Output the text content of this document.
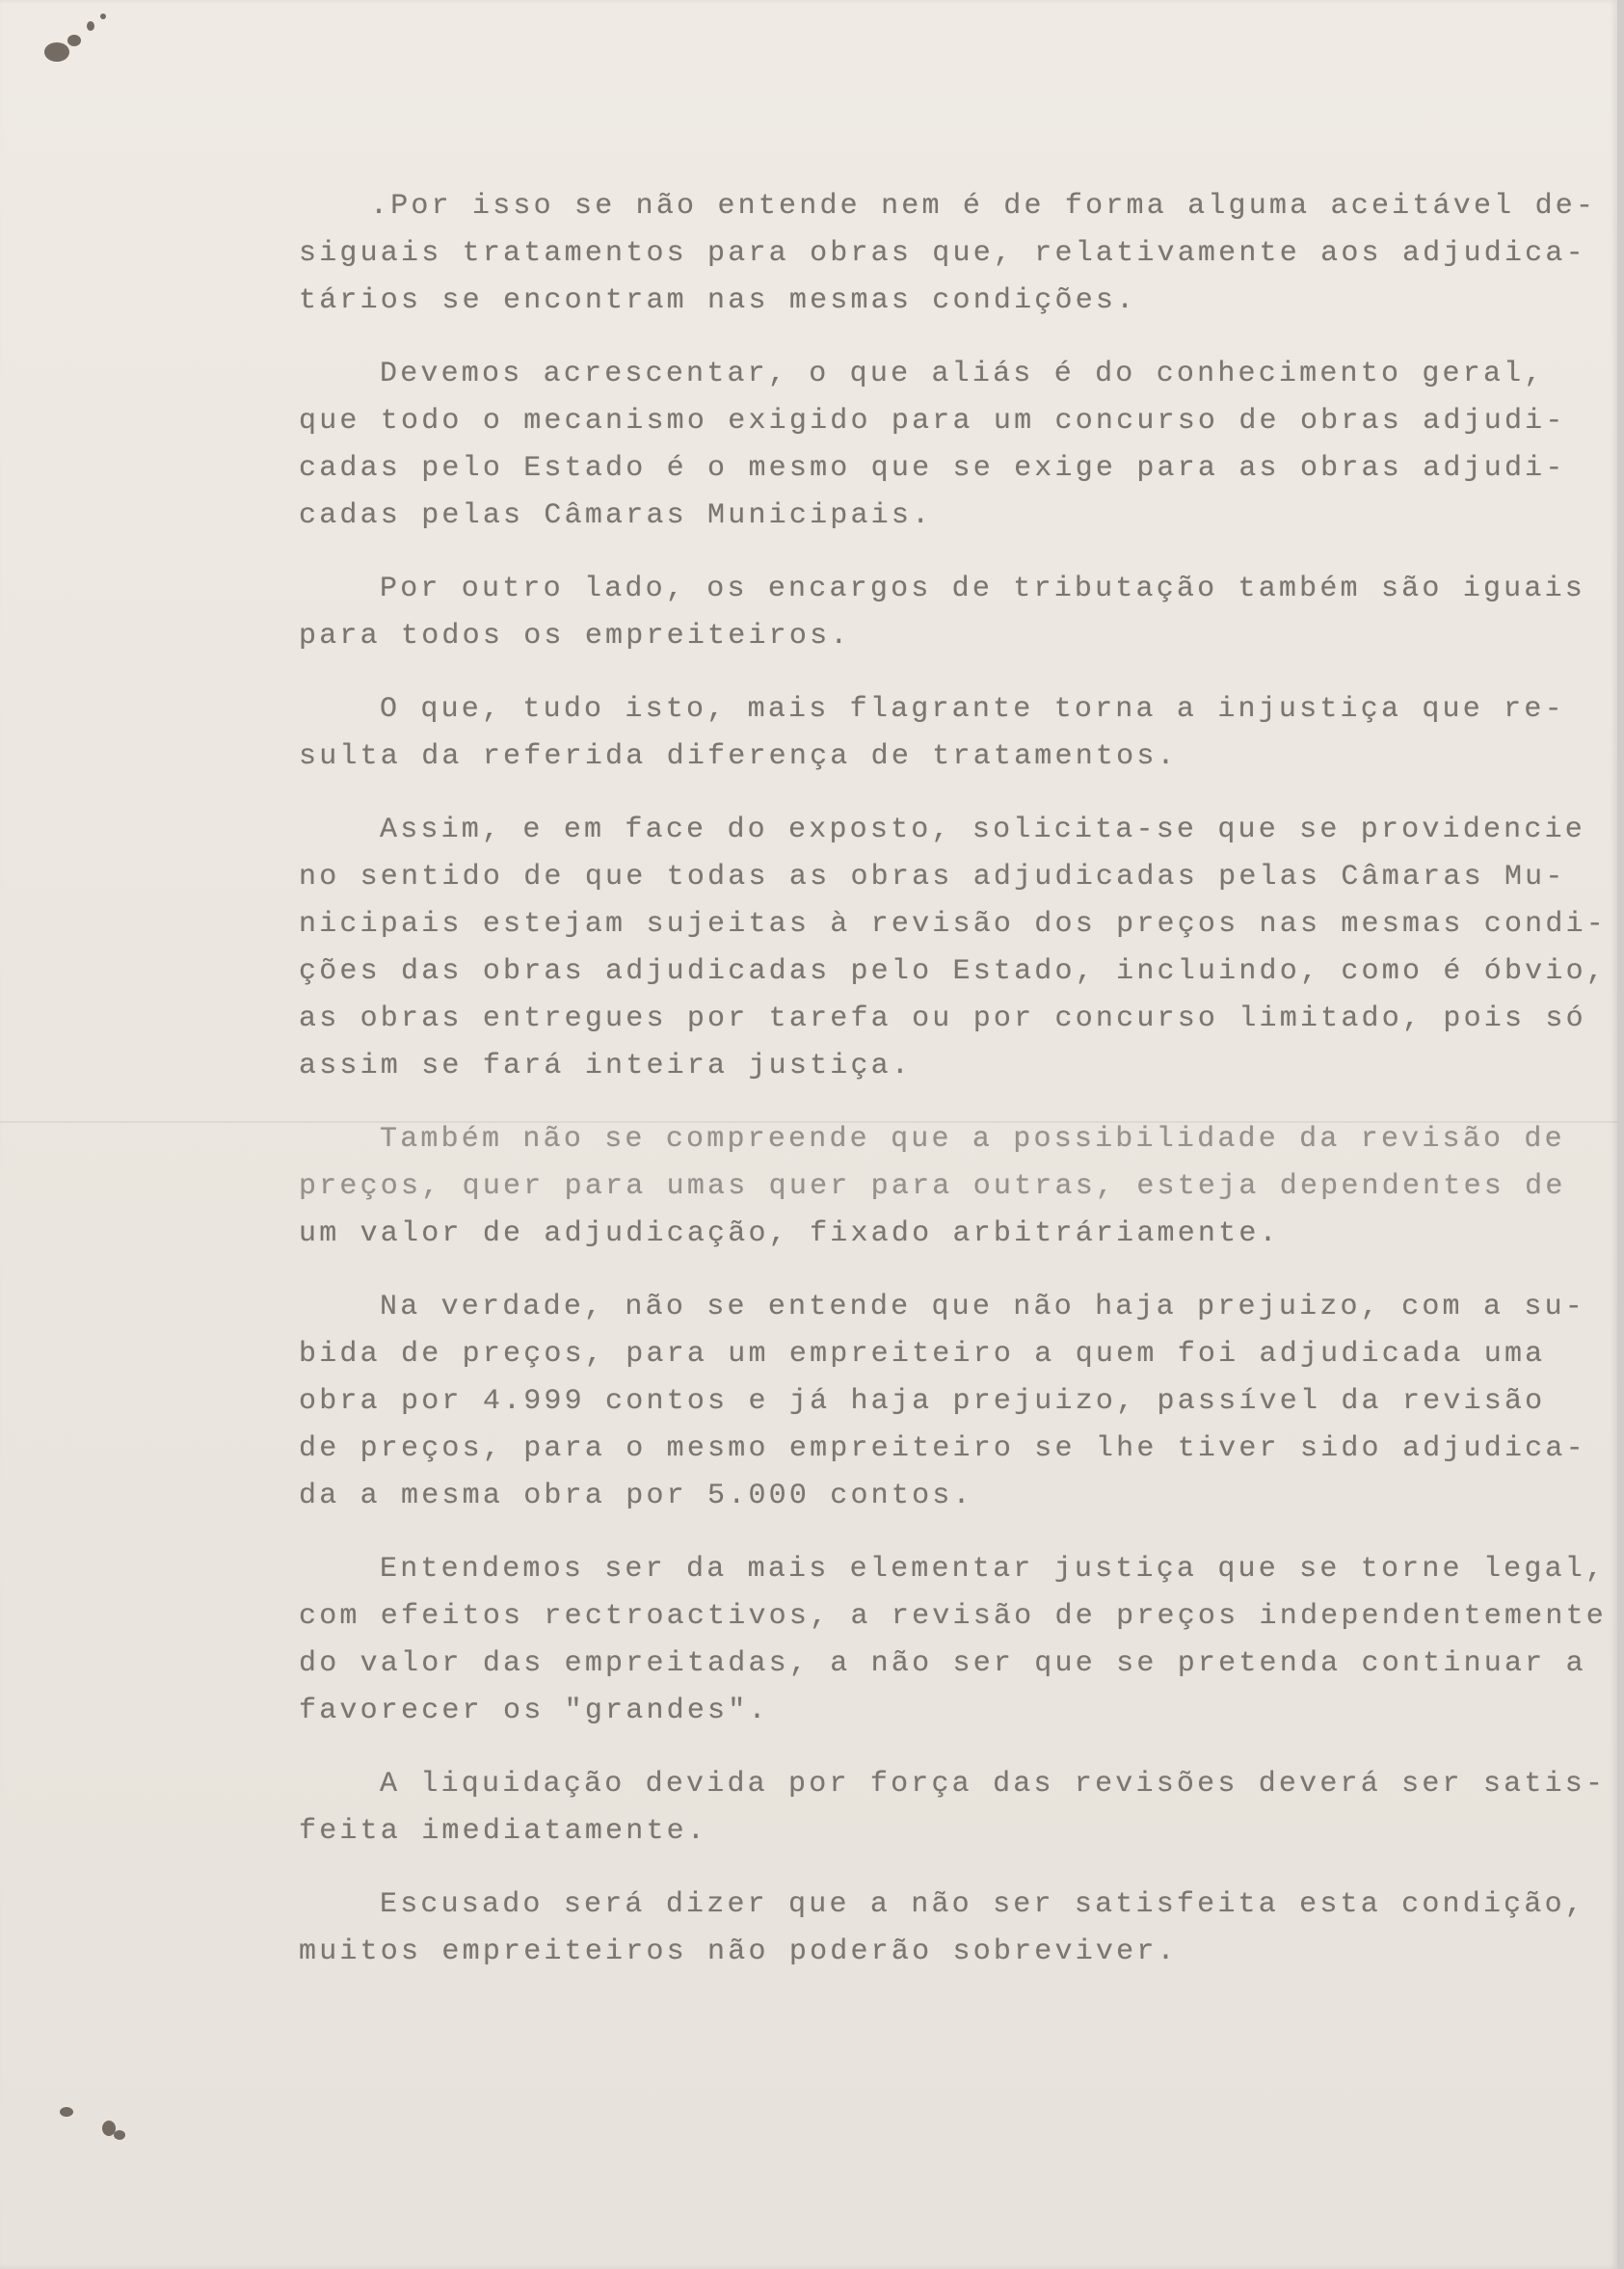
.Por isso se não entende nem é de forma alguma aceitável de-
siguais tratamentos para obras que, relativamente aos adjudica-
tários se encontram nas mesmas condições.
Devemos acrescentar, o que aliás é do conhecimento geral,
que todo o mecanismo exigido para um concurso de obras adjudi-
cadas pelo Estado é o mesmo que se exige para as obras adjudi-
cadas pelas Câmaras Municipais.
Por outro lado, os encargos de tributação também são iguais
para todos os empreiteiros.
O que, tudo isto, mais flagrante torna a injustiça que re-
sulta da referida diferença de tratamentos.
Assim, e em face do exposto, solicita-se que se providencie
no sentido de que todas as obras adjudicadas pelas Câmaras Mu-
nicipais estejam sujeitas à revisão dos preços nas mesmas condi-
ções das obras adjudicadas pelo Estado, incluindo, como é óbvio,
as obras entregues por tarefa ou por concurso limitado, pois só
assim se fará inteira justiça.
Também não se compreende que a possibilidade da revisão de
preços, quer para umas quer para outras, esteja dependentes de
um valor de adjudicação, fixado arbitráriamente.
Na verdade, não se entende que não haja prejuizo, com a su-
bida de preços, para um empreiteiro a quem foi adjudicada uma
obra por 4.999 contos e já haja prejuizo, passível da revisão
de preços, para o mesmo empreiteiro se lhe tiver sido adjudica-
da a mesma obra por 5.000 contos.
Entendemos ser da mais elementar justiça que se torne legal,
com efeitos rectroactivos, a revisão de preços independentemente
do valor das empreitadas, a não ser que se pretenda continuar a
favorecer os "grandes".
A liquidação devida por força das revisões deverá ser satis-
feita imediatamente.
Escusado será dizer que a não ser satisfeita esta condição,
muitos empreiteiros não poderão sobreviver.
